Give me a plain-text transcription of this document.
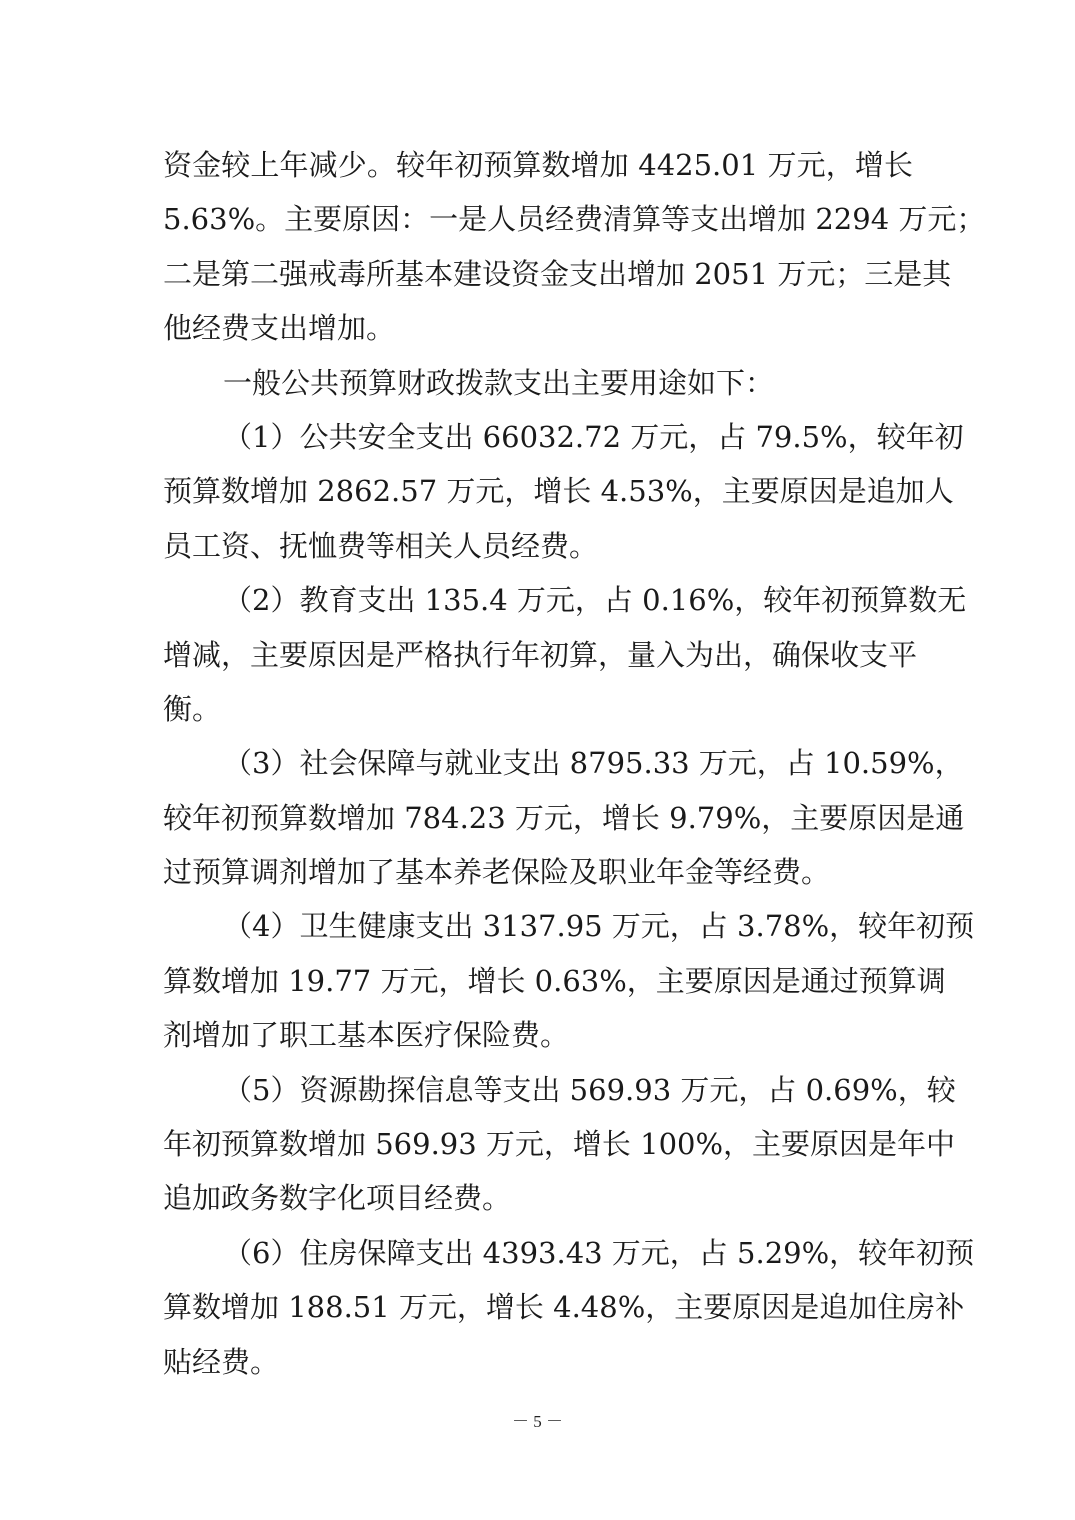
资金较上年减少。较年初预算数增加 4425.01 万元，增长
5.63%。主要原因：一是人员经费清算等支出增加 2294 万元；
二是第二强戒毒所基本建设资金支出增加 2051 万元；三是其
他经费支出增加。
一般公共预算财政拨款支出主要用途如下：
（1）公共安全支出 66032.72 万元，占 79.5%，较年初
预算数增加 2862.57 万元，增长 4.53%，主要原因是追加人
员工资、抚恤费等相关人员经费。
（2）教育支出 135.4 万元，占 0.16%，较年初预算数无
增减，主要原因是严格执行年初算，量入为出，确保收支平
衡。
（3）社会保障与就业支出 8795.33 万元，占 10.59%，
较年初预算数增加 784.23 万元，增长 9.79%，主要原因是通
过预算调剂增加了基本养老保险及职业年金等经费。
（4）卫生健康支出 3137.95 万元，占 3.78%，较年初预
算数增加 19.77 万元，增长 0.63%，主要原因是通过预算调
剂增加了职工基本医疗保险费。
（5）资源勘探信息等支出 569.93 万元，占 0.69%，较
年初预算数增加 569.93 万元，增长 100%，主要原因是年中
追加政务数字化项目经费。
（6）住房保障支出 4393.43 万元，占 5.29%，较年初预
算数增加 188.51 万元，增长 4.48%，主要原因是追加住房补
贴经费。
－ 5 －
